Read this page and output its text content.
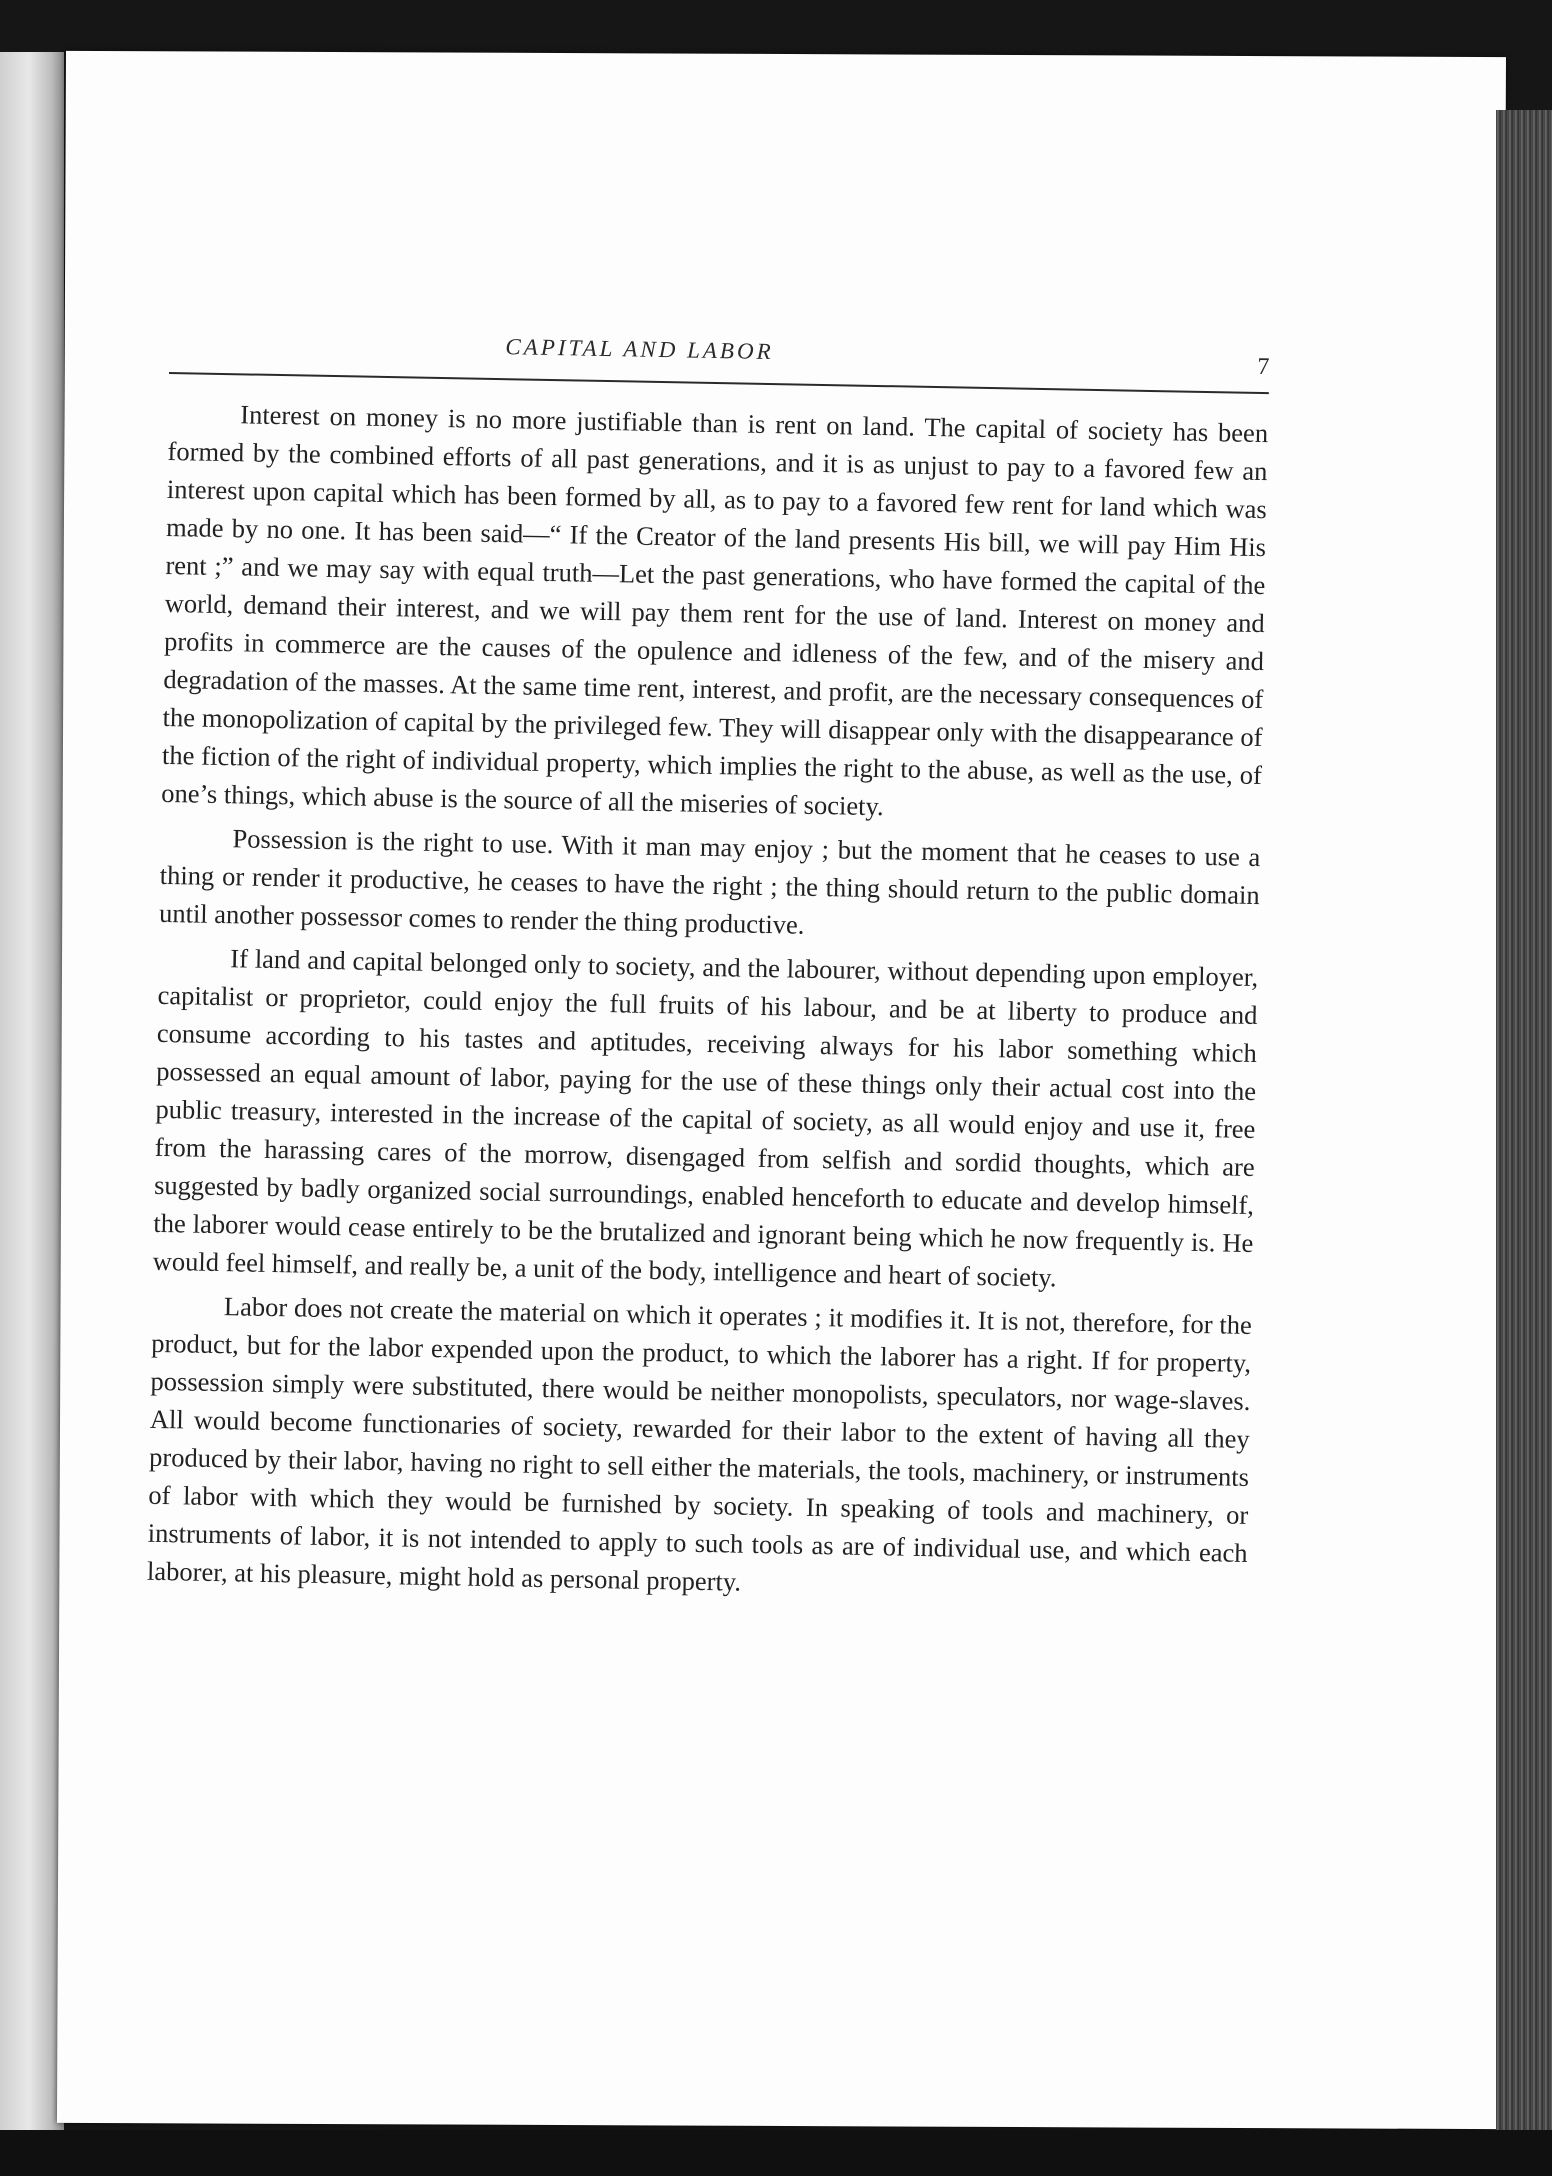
CAPITAL AND LABOR
7

Interest on money is no more justifiable than is rent on land. The capital of society has been formed by the combined efforts of all past generations, and it is as unjust to pay to a favored few an interest upon capital which has been formed by all, as to pay to a favored few rent for land which was made by no one. It has been said—“ If the Creator of the land presents His bill, we will pay Him His rent ;” and we may say with equal truth—Let the past generations, who have formed the capital of the world, demand their interest, and we will pay them rent for the use of land. Interest on money and profits in commerce are the causes of the opulence and idleness of the few, and of the misery and degradation of the masses. At the same time rent, interest, and profit, are the necessary consequences of the monopolization of capital by the privileged few. They will disappear only with the disappearance of the fiction of the right of individual property, which implies the right to the abuse, as well as the use, of one’s things, which abuse is the source of all the miseries of society.

Possession is the right to use. With it man may enjoy ; but the moment that he ceases to use a thing or render it productive, he ceases to have the right ; the thing should return to the public domain until another possessor comes to render the thing productive.

If land and capital belonged only to society, and the labourer, without depending upon employer, capitalist or proprietor, could enjoy the full fruits of his labour, and be at liberty to produce and consume according to his tastes and aptitudes, receiving always for his labor something which possessed an equal amount of labor, paying for the use of these things only their actual cost into the public treasury, interested in the increase of the capital of society, as all would enjoy and use it, free from the harassing cares of the morrow, disengaged from selfish and sordid thoughts, which are suggested by badly organized social surroundings, enabled henceforth to educate and develop himself, the laborer would cease entirely to be the brutalized and ignorant being which he now frequently is. He would feel himself, and really be, a unit of the body, intelligence and heart of society.

Labor does not create the material on which it operates ; it modifies it. It is not, therefore, for the product, but for the labor expended upon the product, to which the laborer has a right. If for property, possession simply were substituted, there would be neither monopolists, speculators, nor wage-slaves. All would become functionaries of society, rewarded for their labor to the extent of having all they produced by their labor, having no right to sell either the materials, the tools, machinery, or instruments of labor with which they would be furnished by society. In speaking of tools and machinery, or instruments of labor, it is not intended to apply to such tools as are of individual use, and which each laborer, at his pleasure, might hold as personal property.
